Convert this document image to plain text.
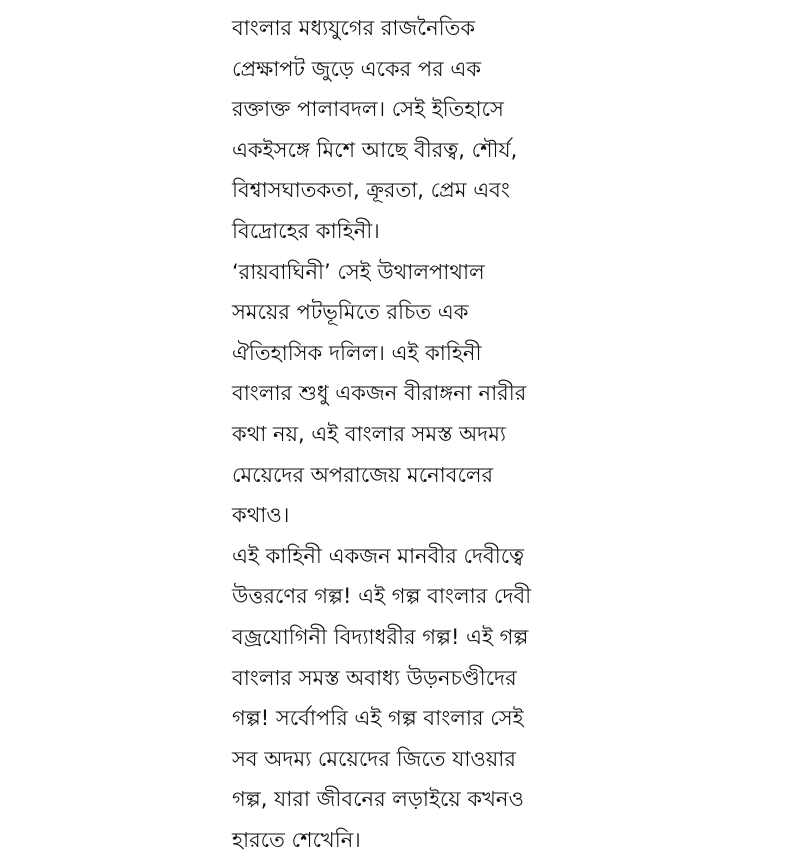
বাংলার মধ্যযুগের রাজনৈতিক
প্রেক্ষাপট জুড়ে একের পর এক
রক্তাক্ত পালাবদল। সেই ইতিহাসে
একইসঙ্গে মিশে আছে বীরত্ব, শৌর্য,
বিশ্বাসঘাতকতা, ক্রূরতা, প্রেম এবং
বিদ্রোহের কাহিনী।
‘রায়বাঘিনী’ সেই উথালপাথাল
সময়ের পটভূমিতে রচিত এক
ঐতিহাসিক দলিল। এই কাহিনী
বাংলার শুধু একজন বীরাঙ্গনা নারীর
কথা নয়, এই বাংলার সমস্ত অদম্য
মেয়েদের অপরাজেয় মনোবলের
কথাও।
এই কাহিনী একজন মানবীর দেবীত্বে
উত্তরণের গল্প! এই গল্প বাংলার দেবী
বজ্রযোগিনী বিদ্যাধরীর গল্প! এই গল্প
বাংলার সমস্ত অবাধ্য উড়নচণ্ডীদের
গল্প! সর্বোপরি এই গল্প বাংলার সেই
সব অদম্য মেয়েদের জিতে যাওয়ার
গল্প, যারা জীবনের লড়াইয়ে কখনও
হারতে শেখেনি।
